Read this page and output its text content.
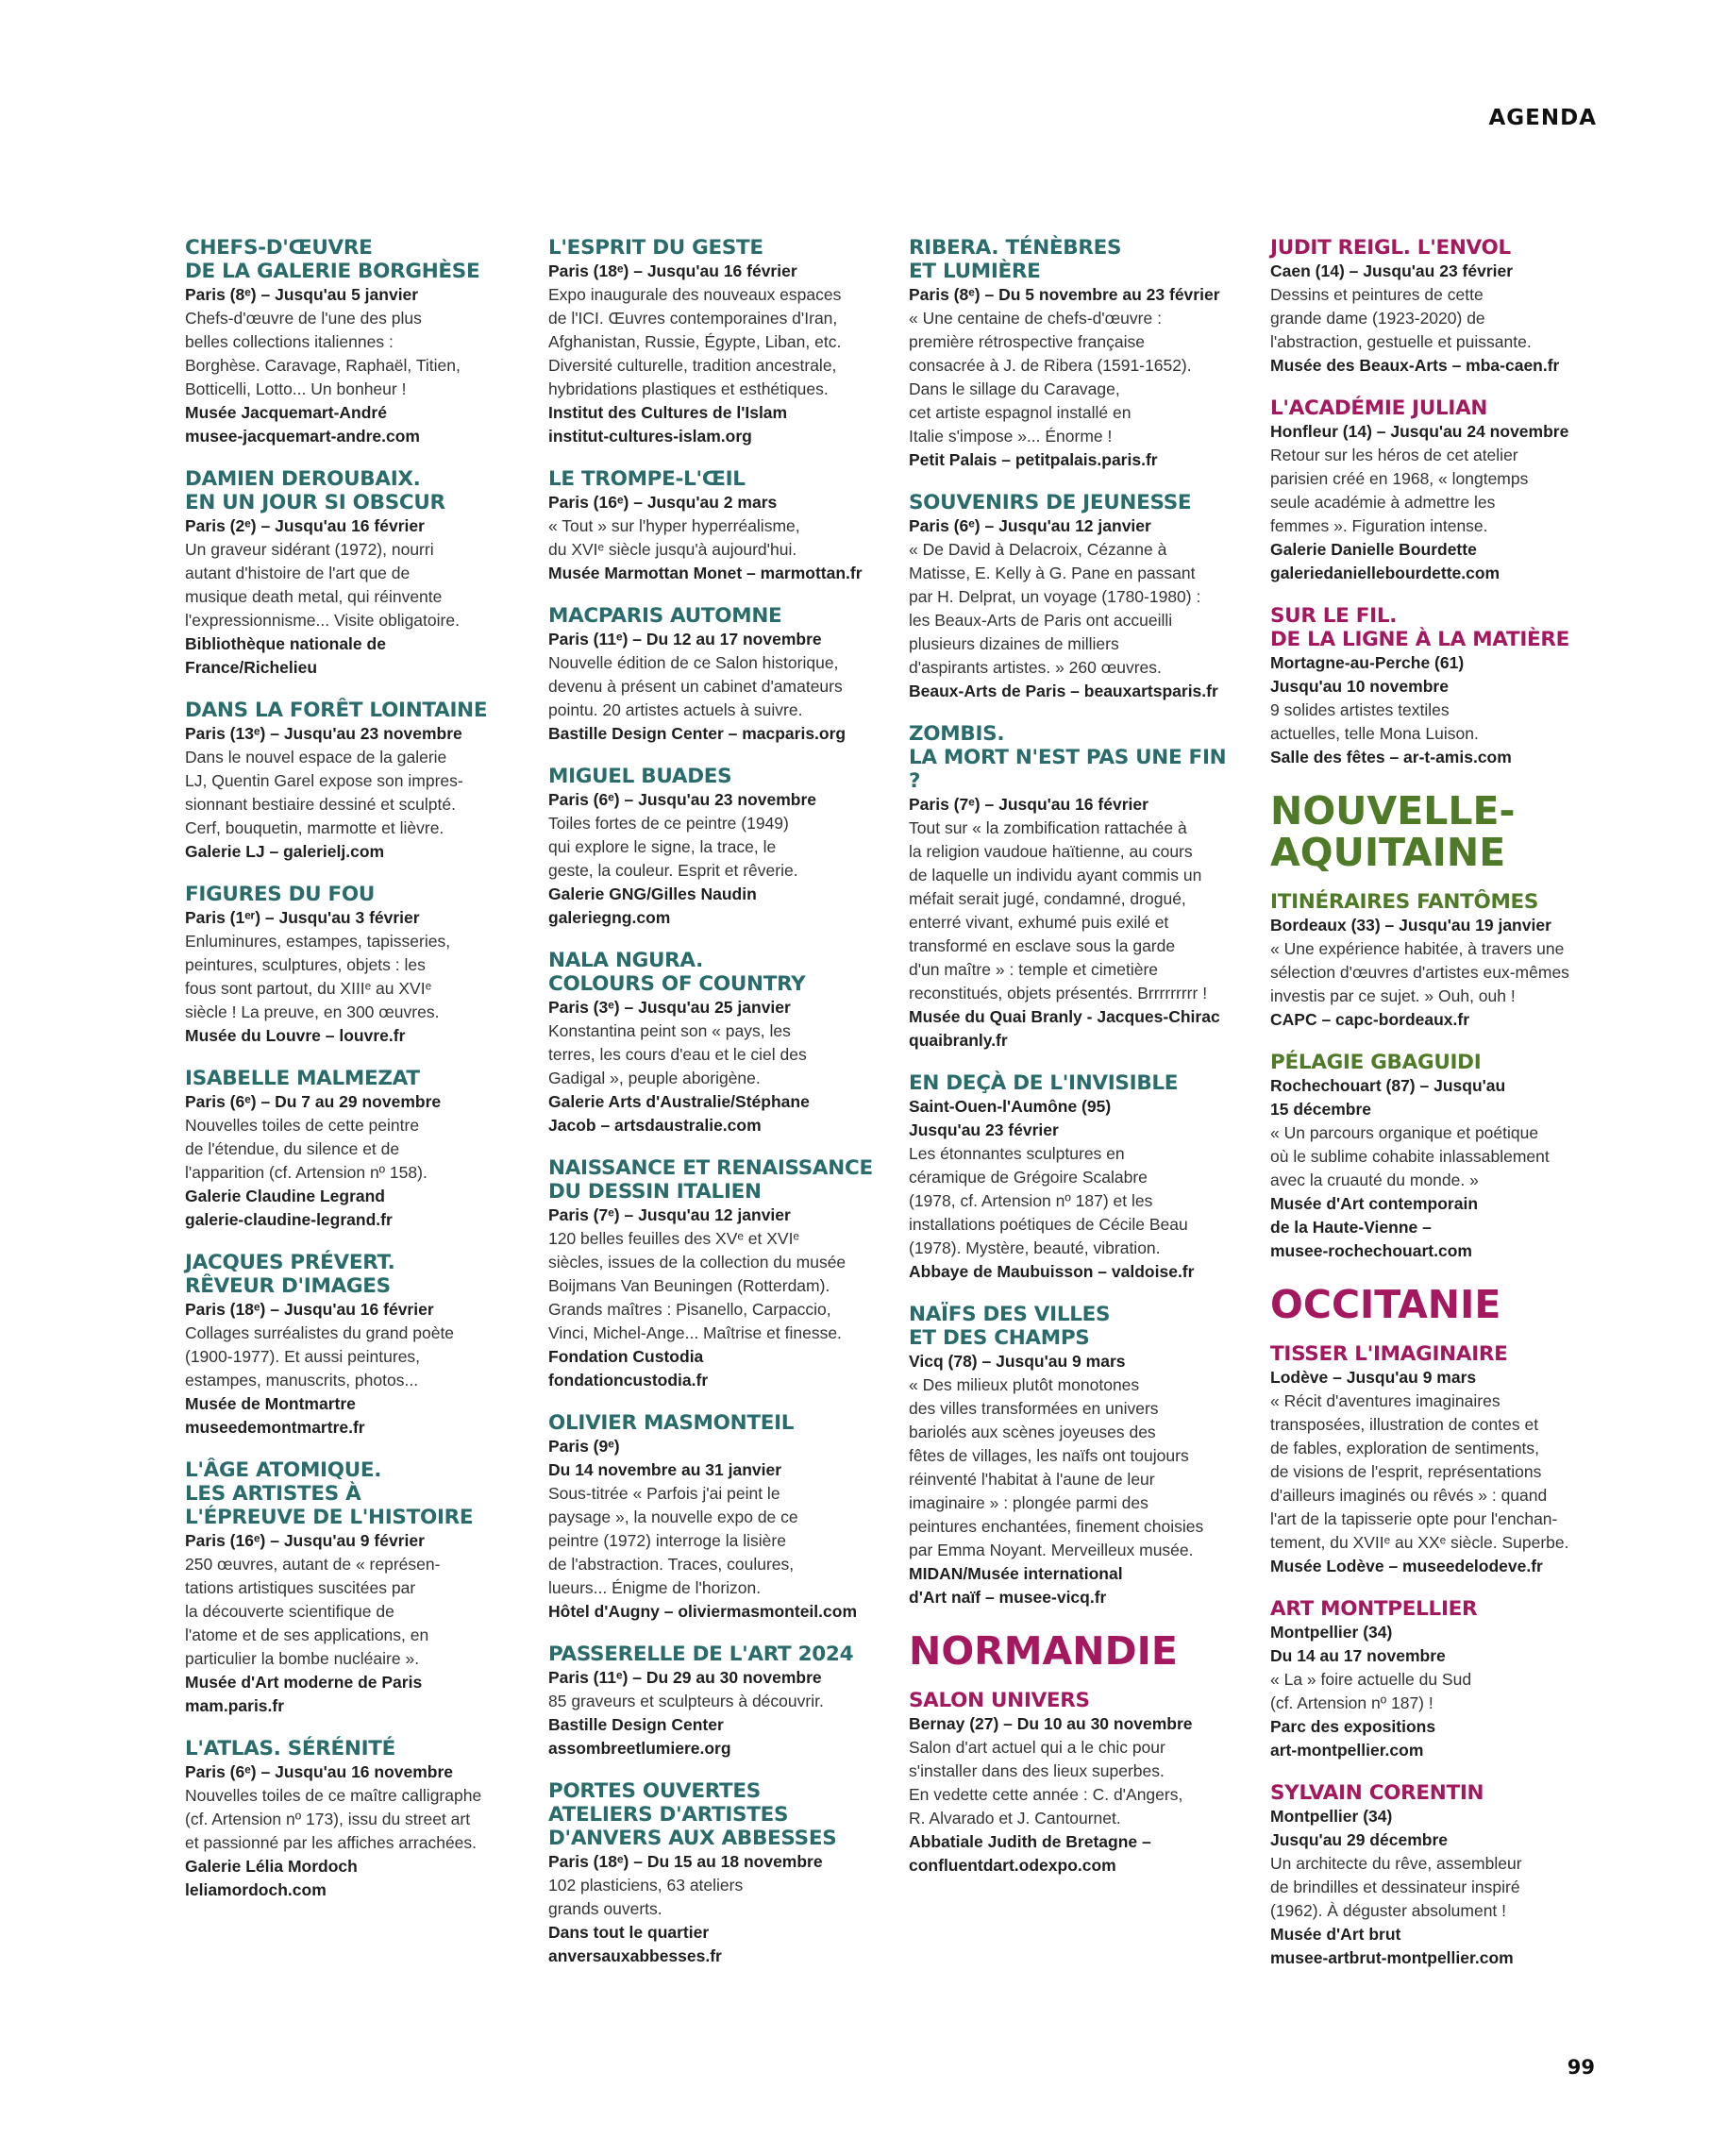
AGENDA
CHEFS-D'ŒUVRE
DE LA GALERIE BORGHÈSE
Paris (8ᵉ) – Jusqu'au 5 janvier
Chefs-d'œuvre de l'une des plus
belles collections italiennes :
Borghèse. Caravage, Raphaël, Titien,
Botticelli, Lotto... Un bonheur !
Musée Jacquemart-André
musee-jacquemart-andre.com
DAMIEN DEROUBAIX.
EN UN JOUR SI OBSCUR
Paris (2ᵉ) – Jusqu'au 16 février
Un graveur sidérant (1972), nourri
autant d'histoire de l'art que de
musique death metal, qui réinvente
l'expressionnisme... Visite obligatoire.
Bibliothèque nationale de
France/Richelieu
DANS LA FORÊT LOINTAINE
Paris (13ᵉ) – Jusqu'au 23 novembre
Dans le nouvel espace de la galerie
LJ, Quentin Garel expose son impres-
sionnant bestiaire dessiné et sculpté.
Cerf, bouquetin, marmotte et lièvre.
Galerie LJ – galerielj.com
FIGURES DU FOU
Paris (1ᵉʳ) – Jusqu'au 3 février
Enluminures, estampes, tapisseries,
peintures, sculptures, objets : les
fous sont partout, du XIIIᵉ au XVIᵉ
siècle ! La preuve, en 300 œuvres.
Musée du Louvre – louvre.fr
ISABELLE MALMEZAT
Paris (6ᵉ) – Du 7 au 29 novembre
Nouvelles toiles de cette peintre
de l'étendue, du silence et de
l'apparition (cf. Artension nº 158).
Galerie Claudine Legrand
galerie-claudine-legrand.fr
JACQUES PRÉVERT.
RÊVEUR D'IMAGES
Paris (18ᵉ) – Jusqu'au 16 février
Collages surréalistes du grand poète
(1900-1977). Et aussi peintures,
estampes, manuscrits, photos...
Musée de Montmartre
museedemontmartre.fr
L'ÂGE ATOMIQUE.
LES ARTISTES À
L'ÉPREUVE DE L'HISTOIRE
Paris (16ᵉ) – Jusqu'au 9 février
250 œuvres, autant de « représen-
tations artistiques suscitées par
la découverte scientifique de
l'atome et de ses applications, en
particulier la bombe nucléaire ».
Musée d'Art moderne de Paris
mam.paris.fr
L'ATLAS. SÉRÉNITÉ
Paris (6ᵉ) – Jusqu'au 16 novembre
Nouvelles toiles de ce maître calligraphe
(cf. Artension nº 173), issu du street art
et passionné par les affiches arrachées.
Galerie Lélia Mordoch
leliamordoch.com
L'ESPRIT DU GESTE
Paris (18ᵉ) – Jusqu'au 16 février
Expo inaugurale des nouveaux espaces
de l'ICI. Œuvres contemporaines d'Iran,
Afghanistan, Russie, Égypte, Liban, etc.
Diversité culturelle, tradition ancestrale,
hybridations plastiques et esthétiques.
Institut des Cultures de l'Islam
institut-cultures-islam.org
LE TROMPE-L'ŒIL
Paris (16ᵉ) – Jusqu'au 2 mars
« Tout » sur l'hyper hyperréalisme,
du XVIᵉ siècle jusqu'à aujourd'hui.
Musée Marmottan Monet – marmottan.fr
MACPARIS AUTOMNE
Paris (11ᵉ) – Du 12 au 17 novembre
Nouvelle édition de ce Salon historique,
devenu à présent un cabinet d'amateurs
pointu. 20 artistes actuels à suivre.
Bastille Design Center – macparis.org
MIGUEL BUADES
Paris (6ᵉ) – Jusqu'au 23 novembre
Toiles fortes de ce peintre (1949)
qui explore le signe, la trace, le
geste, la couleur. Esprit et rêverie.
Galerie GNG/Gilles Naudin
galeriegng.com
NALA NGURA.
COLOURS OF COUNTRY
Paris (3ᵉ) – Jusqu'au 25 janvier
Konstantina peint son « pays, les
terres, les cours d'eau et le ciel des
Gadigal », peuple aborigène.
Galerie Arts d'Australie/Stéphane
Jacob – artsdaustralie.com
NAISSANCE ET RENAISSANCE
DU DESSIN ITALIEN
Paris (7ᵉ) – Jusqu'au 12 janvier
120 belles feuilles des XVᵉ et XVIᵉ
siècles, issues de la collection du musée
Boijmans Van Beuningen (Rotterdam).
Grands maîtres : Pisanello, Carpaccio,
Vinci, Michel-Ange... Maîtrise et finesse.
Fondation Custodia
fondationcustodia.fr
OLIVIER MASMONTEIL
Paris (9ᵉ)
Du 14 novembre au 31 janvier
Sous-titrée « Parfois j'ai peint le
paysage », la nouvelle expo de ce
peintre (1972) interroge la lisière
de l'abstraction. Traces, coulures,
lueurs... Énigme de l'horizon.
Hôtel d'Augny – oliviermasmonteil.com
PASSERELLE DE L'ART 2024
Paris (11ᵉ) – Du 29 au 30 novembre
85 graveurs et sculpteurs à découvrir.
Bastille Design Center
assombreetlumiere.org
PORTES OUVERTES
ATELIERS D'ARTISTES
D'ANVERS AUX ABBESSES
Paris (18ᵉ) – Du 15 au 18 novembre
102 plasticiens, 63 ateliers
grands ouverts.
Dans tout le quartier
anversauxabbesses.fr
RIBERA. TÉNÈBRES
ET LUMIÈRE
Paris (8ᵉ) – Du 5 novembre au 23 février
« Une centaine de chefs-d'œuvre :
première rétrospective française
consacrée à J. de Ribera (1591-1652).
Dans le sillage du Caravage,
cet artiste espagnol installé en
Italie s'impose »... Énorme !
Petit Palais – petitpalais.paris.fr
SOUVENIRS DE JEUNESSE
Paris (6ᵉ) – Jusqu'au 12 janvier
« De David à Delacroix, Cézanne à
Matisse, E. Kelly à G. Pane en passant
par H. Delprat, un voyage (1780-1980) :
les Beaux-Arts de Paris ont accueilli
plusieurs dizaines de milliers
d'aspirants artistes. » 260 œuvres.
Beaux-Arts de Paris – beauxartsparis.fr
ZOMBIS.
LA MORT N'EST PAS UNE FIN ?
Paris (7ᵉ) – Jusqu'au 16 février
Tout sur « la zombification rattachée à
la religion vaudoue haïtienne, au cours
de laquelle un individu ayant commis un
méfait serait jugé, condamné, drogué,
enterré vivant, exhumé puis exilé et
transformé en esclave sous la garde
d'un maître » : temple et cimetière
reconstitués, objets présentés. Brrrrrrrrr !
Musée du Quai Branly - Jacques-Chirac
quaibranly.fr
EN DEÇÀ DE L'INVISIBLE
Saint-Ouen-l'Aumône (95)
Jusqu'au 23 février
Les étonnantes sculptures en
céramique de Grégoire Scalabre
(1978, cf. Artension nº 187) et les
installations poétiques de Cécile Beau
(1978). Mystère, beauté, vibration.
Abbaye de Maubuisson – valdoise.fr
NAÏFS DES VILLES
ET DES CHAMPS
Vicq (78) – Jusqu'au 9 mars
« Des milieux plutôt monotones
des villes transformées en univers
bariolés aux scènes joyeuses des
fêtes de villages, les naïfs ont toujours
réinventé l'habitat à l'aune de leur
imaginaire » : plongée parmi des
peintures enchantées, finement choisies
par Emma Noyant. Merveilleux musée.
MIDAN/Musée international
d'Art naïf – musee-vicq.fr
NORMANDIE
SALON UNIVERS
Bernay (27) – Du 10 au 30 novembre
Salon d'art actuel qui a le chic pour
s'installer dans des lieux superbes.
En vedette cette année : C. d'Angers,
R. Alvarado et J. Cantournet.
Abbatiale Judith de Bretagne –
confluentdart.odexpo.com
JUDIT REIGL. L'ENVOL
Caen (14) – Jusqu'au 23 février
Dessins et peintures de cette
grande dame (1923-2020) de
l'abstraction, gestuelle et puissante.
Musée des Beaux-Arts – mba-caen.fr
L'ACADÉMIE JULIAN
Honfleur (14) – Jusqu'au 24 novembre
Retour sur les héros de cet atelier
parisien créé en 1968, « longtemps
seule académie à admettre les
femmes ». Figuration intense.
Galerie Danielle Bourdette
galeriedaniellebourdette.com
SUR LE FIL.
DE LA LIGNE À LA MATIÈRE
Mortagne-au-Perche (61)
Jusqu'au 10 novembre
9 solides artistes textiles
actuelles, telle Mona Luison.
Salle des fêtes – ar-t-amis.com
NOUVELLE-
AQUITAINE
ITINÉRAIRES FANTÔMES
Bordeaux (33) – Jusqu'au 19 janvier
« Une expérience habitée, à travers une
sélection d'œuvres d'artistes eux-mêmes
investis par ce sujet. » Ouh, ouh !
CAPC – capc-bordeaux.fr
PÉLAGIE GBAGUIDI
Rochechouart (87) – Jusqu'au
15 décembre
« Un parcours organique et poétique
où le sublime cohabite inlassablement
avec la cruauté du monde. »
Musée d'Art contemporain
de la Haute-Vienne –
musee-rochechouart.com
OCCITANIE
TISSER L'IMAGINAIRE
Lodève – Jusqu'au 9 mars
« Récit d'aventures imaginaires
transposées, illustration de contes et
de fables, exploration de sentiments,
de visions de l'esprit, représentations
d'ailleurs imaginés ou rêvés » : quand
l'art de la tapisserie opte pour l'enchan-
tement, du XVIIᵉ au XXᵉ siècle. Superbe.
Musée Lodève – museedelodeve.fr
ART MONTPELLIER
Montpellier (34)
Du 14 au 17 novembre
« La » foire actuelle du Sud
(cf. Artension nº 187) !
Parc des expositions
art-montpellier.com
SYLVAIN CORENTIN
Montpellier (34)
Jusqu'au 29 décembre
Un architecte du rêve, assembleur
de brindilles et dessinateur inspiré
(1962). À déguster absolument !
Musée d'Art brut
musee-artbrut-montpellier.com
99
